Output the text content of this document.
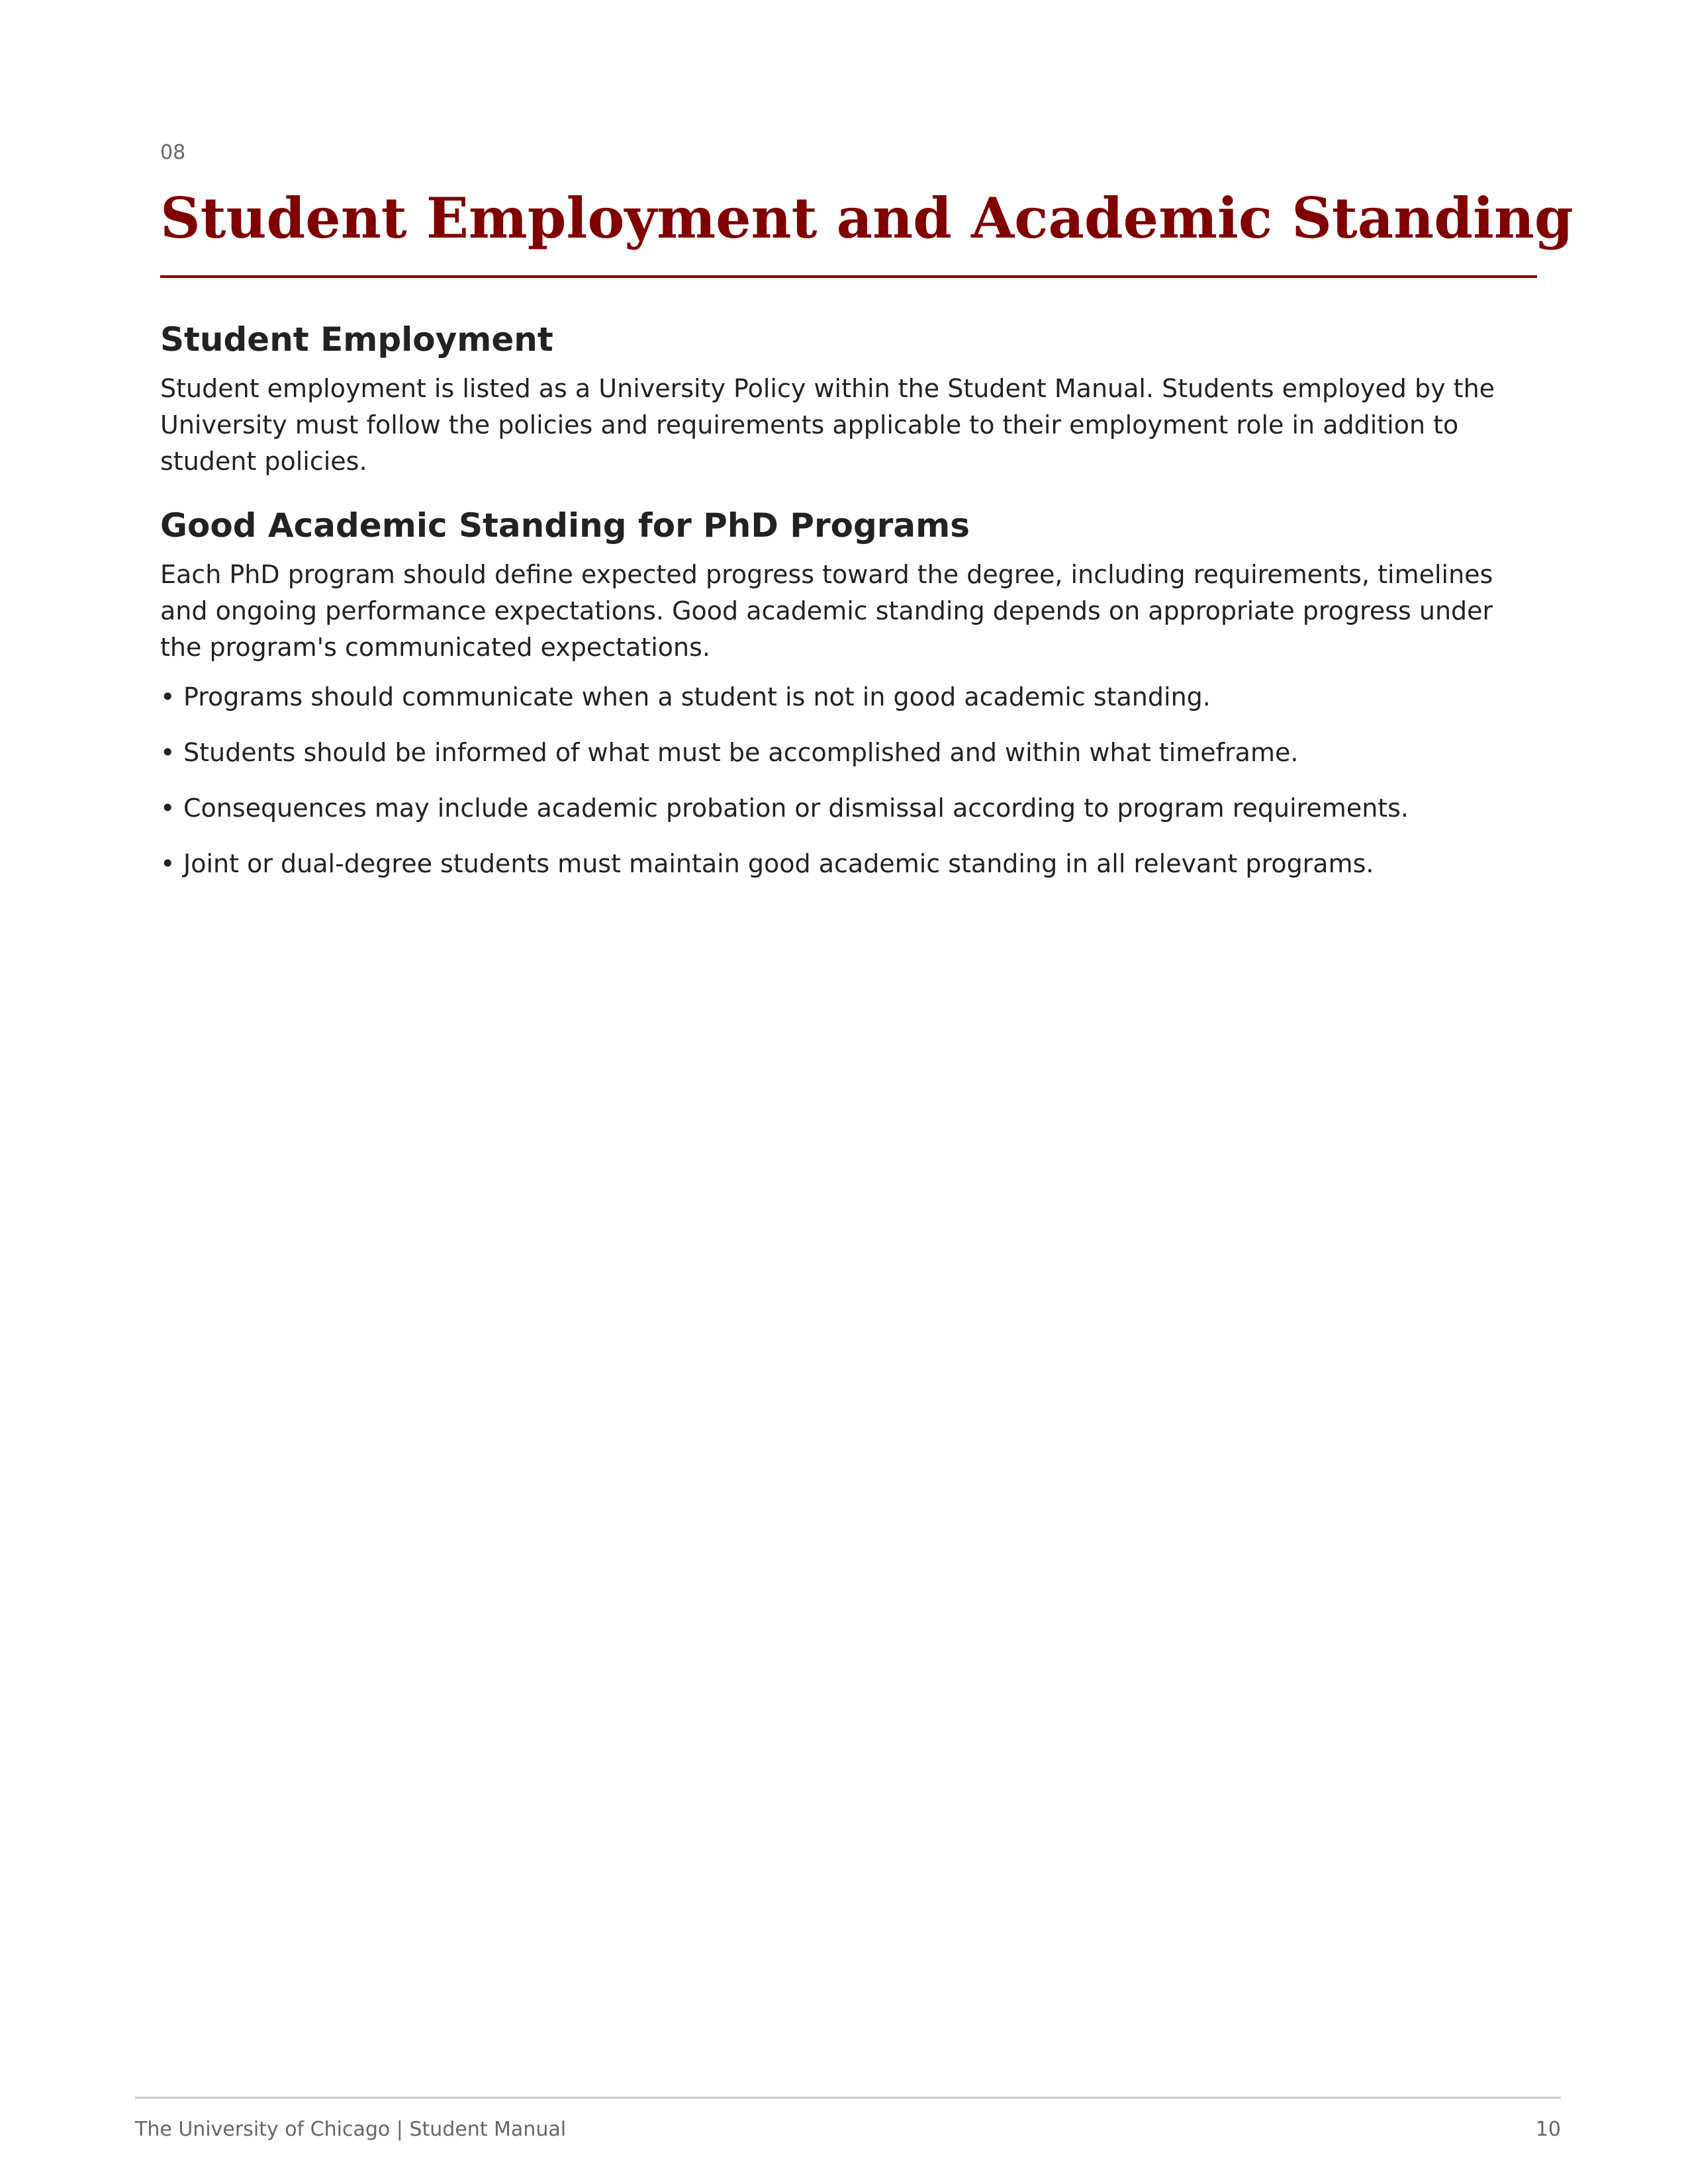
08
Student Employment and Academic Standing
Student Employment

Student employment is listed as a University Policy within the Student Manual. Students employed by the University must follow the policies and requirements applicable to their employment role in addition to student policies.

Good Academic Standing for PhD Programs

Each PhD program should define expected progress toward the degree, including requirements, timelines and ongoing performance expectations. Good academic standing depends on appropriate progress under the program's communicated expectations.

• Programs should communicate when a student is not in good academic standing.
• Students should be informed of what must be accomplished and within what timeframe.
• Consequences may include academic probation or dismissal according to program requirements.
• Joint or dual-degree students must maintain good academic standing in all relevant programs.
The University of Chicago | Student Manual	10
